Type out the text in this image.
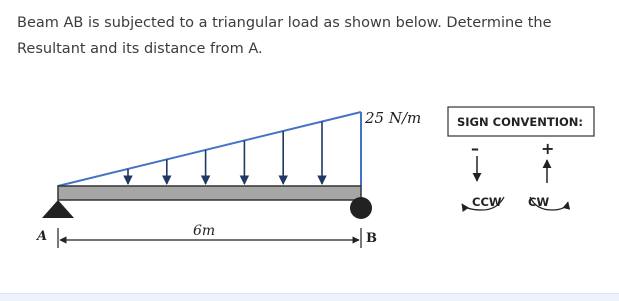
Beam AB is subjected to a triangular load as shown below. Determine the
Resultant and its distance from A.
25 N/m
6m
A	B
SIGN CONVENTION:
–	+
CCW CW
